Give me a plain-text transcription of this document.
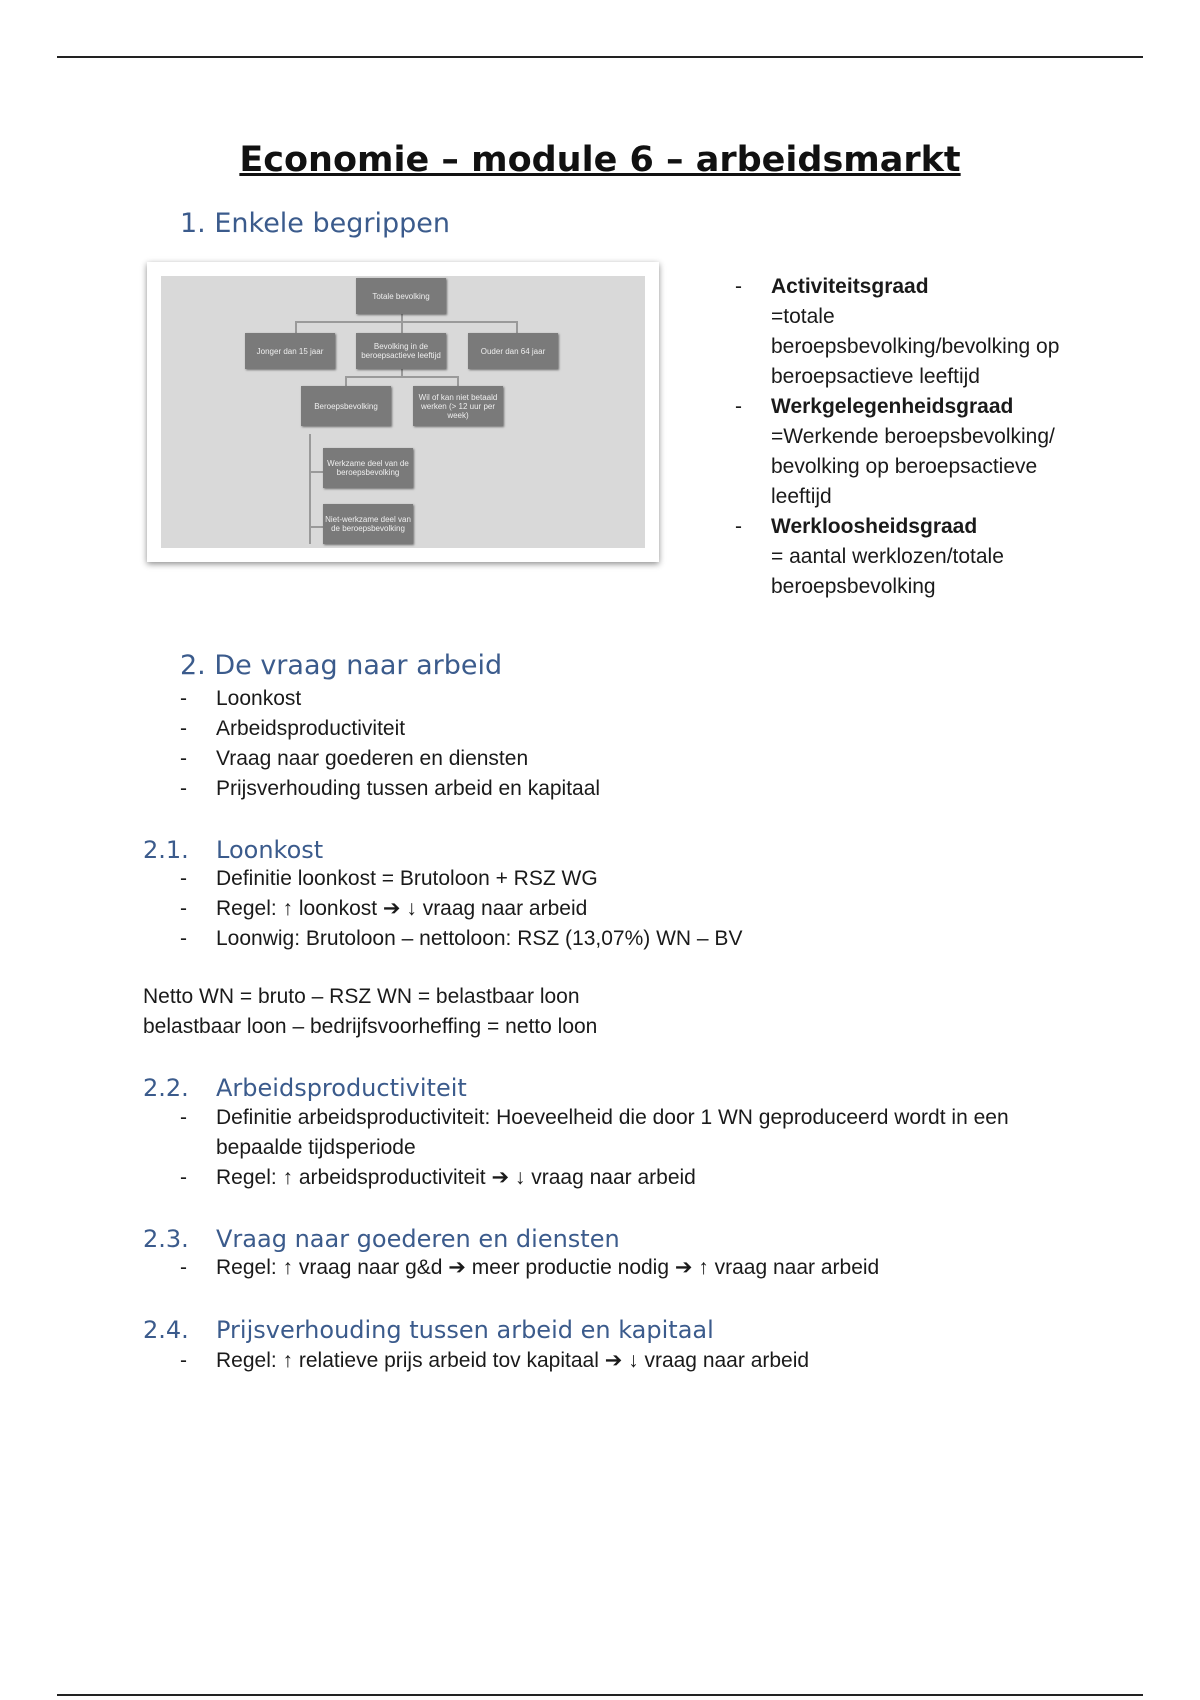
Economie – module 6 – arbeidsmarkt
1. Enkele begrippen
Totale bevolking
Jonger dan 15 jaar	Bevolking in de beroepsactieve leeftijd	Ouder dan 64 jaar
Beroepsbevolking
Wil of kan niet betaald werken (> 12 uur per week)
Werkzame deel van de beroepsbevolking
Niet-werkzame deel van de beroepsbevolking
- Activiteitsgraad
=totale beroepsbevolking/bevolking op beroepsactieve leeftijd
- Werkgelegenheidsgraad
=Werkende beroepsbevolking/ bevolking op beroepsactieve leeftijd
- Werkloosheidsgraad
= aantal werklozen/totale beroepsbevolking
2. De vraag naar arbeid
- Loonkost
- Arbeidsproductiviteit
- Vraag naar goederen en diensten
- Prijsverhouding tussen arbeid en kapitaal
2.1. Loonkost
- Definitie loonkost = Brutoloon + RSZ WG
- Regel: ↑ loonkost ➔ ↓ vraag naar arbeid
- Loonwig: Brutoloon – nettoloon: RSZ (13,07%) WN – BV
Netto WN = bruto – RSZ WN = belastbaar loon
belastbaar loon – bedrijfsvoorheffing = netto loon
2.2. Arbeidsproductiviteit
- Definitie arbeidsproductiviteit: Hoeveelheid die door 1 WN geproduceerd wordt in een bepaalde tijdsperiode
- Regel: ↑ arbeidsproductiviteit ➔ ↓ vraag naar arbeid
2.3. Vraag naar goederen en diensten
- Regel: ↑ vraag naar g&d ➔ meer productie nodig ➔ ↑ vraag naar arbeid
2.4. Prijsverhouding tussen arbeid en kapitaal
- Regel: ↑ relatieve prijs arbeid tov kapitaal ➔ ↓ vraag naar arbeid
